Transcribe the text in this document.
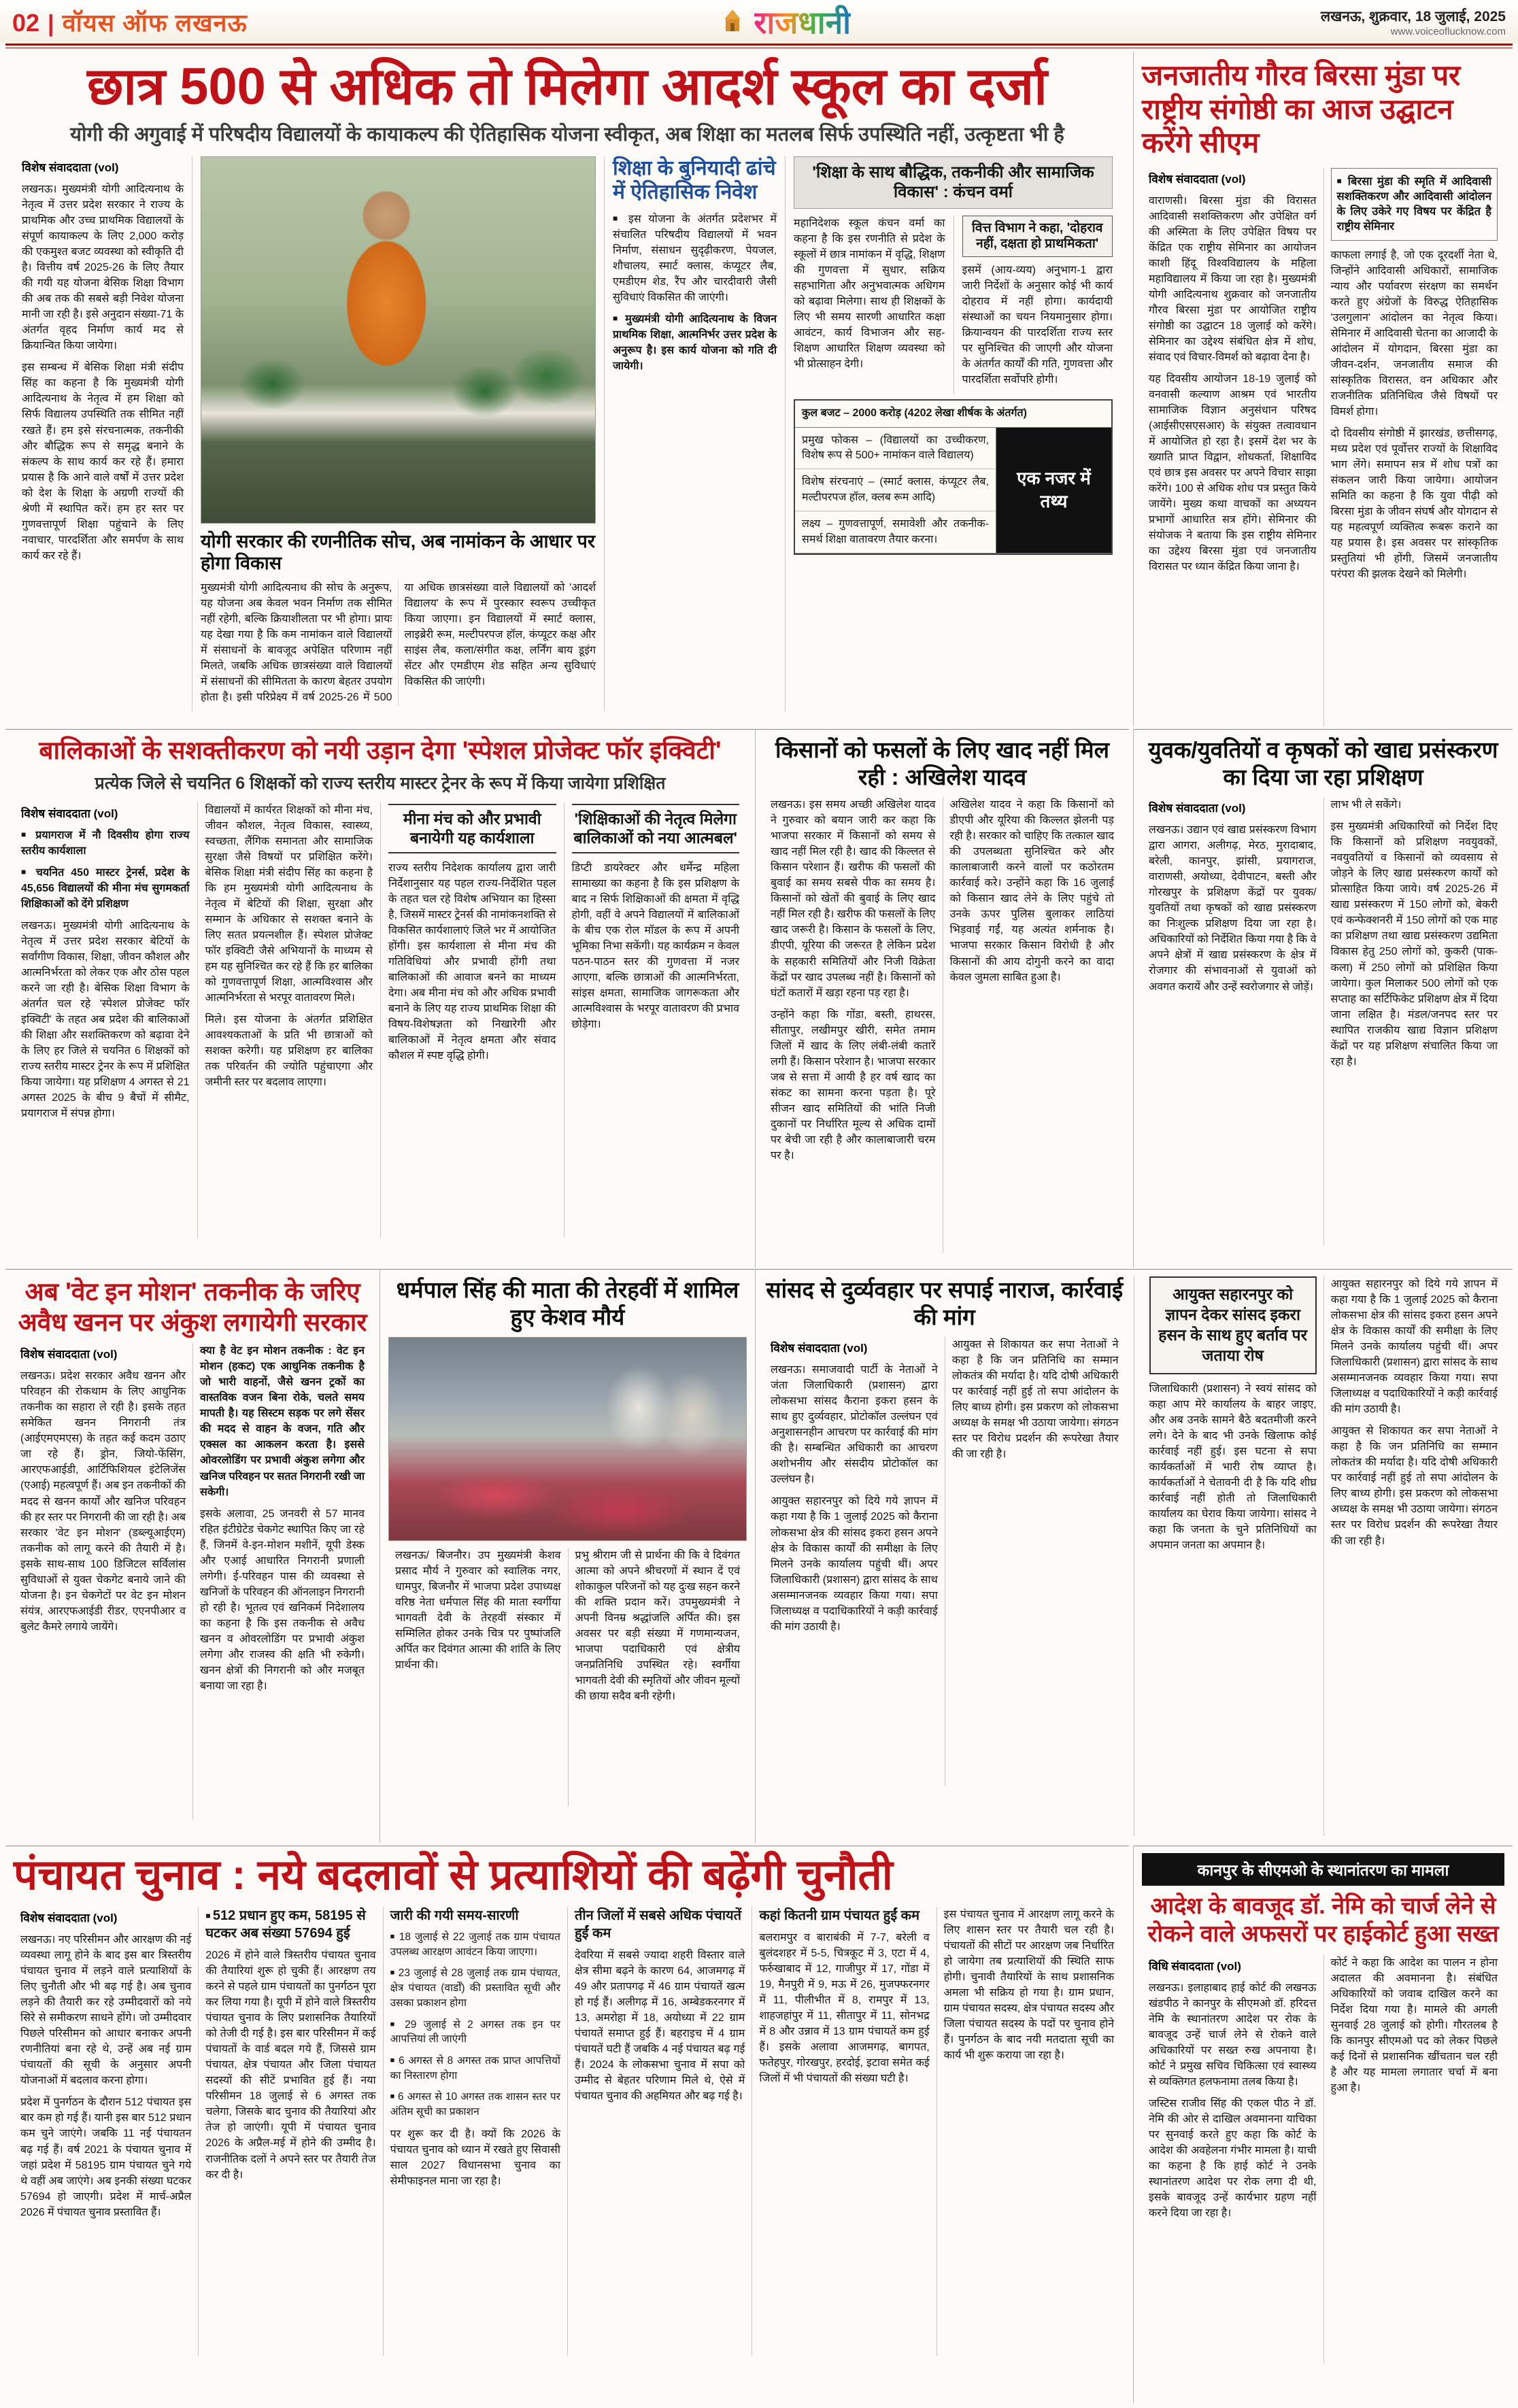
02 | वॉयस ऑफ लखनऊ	राजधानी	लखनऊ, शुक्रवार, 18 जुलाई, 2025
www.voiceoflucknow.com
छात्र 500 से अधिक तो मिलेगा आदर्श स्कूल का दर्जा

योगी की अगुवाई में परिषदीय विद्यालयों के कायाकल्प की ऐतिहासिक योजना स्वीकृत, अब शिक्षा का मतलब सिर्फ उपस्थिति नहीं, उत्कृष्टता भी है

विशेष संवाददाता (vol)

लखनऊ। मुख्यमंत्री योगी आदित्यनाथ के नेतृत्व में उत्तर प्रदेश सरकार ने राज्य के प्राथमिक और उच्च प्राथमिक विद्यालयों के संपूर्ण कायाकल्प के लिए 2,000 करोड़ की एकमुश्त बजट व्यवस्था को स्वीकृति दी है। वित्तीय वर्ष 2025-26 के लिए तैयार की गयी यह योजना बेसिक शिक्षा विभाग की अब तक की सबसे बड़ी निवेश योजना मानी जा रही है। इसे अनुदान संख्या-71 के अंतर्गत वृहद निर्माण कार्य मद से क्रियान्वित किया जायेगा।

इस सम्बन्ध में बेसिक शिक्षा मंत्री संदीप सिंह का कहना है कि मुख्यमंत्री योगी आदित्यनाथ के नेतृत्व में हम शिक्षा को सिर्फ विद्यालय उपस्थिति तक सीमित नहीं रखते हैं। हम इसे संरचनात्मक, तकनीकी और बौद्धिक रूप से समृद्ध बनाने के संकल्प के साथ कार्य कर रहे हैं। हमारा प्रयास है कि आने वाले वर्षों में उत्तर प्रदेश को देश के शिक्षा के अग्रणी राज्यों की श्रेणी में स्थापित करें। हम हर स्तर पर गुणवत्तापूर्ण शिक्षा पहुंचाने के लिए नवाचार, पारदर्शिता और समर्पण के साथ कार्य कर रहे हैं।

योगी सरकार की रणनीतिक सोच, अब नामांकन के आधार पर होगा विकास

मुख्यमंत्री योगी आदित्यनाथ की सोच के अनुरूप, यह योजना अब केवल भवन निर्माण तक सीमित नहीं रहेगी, बल्कि क्रियाशीलता पर भी होगा। प्रायः यह देखा गया है कि कम नामांकन वाले विद्यालयों में संसाधनों के बावजूद अपेक्षित परिणाम नहीं मिलते, जबकि अधिक छात्रसंख्या वाले विद्यालयों में संसाधनों की सीमितता के कारण बेहतर उपयोग होता है। इसी परिप्रेक्ष्य में वर्ष 2025-26 में 500 या अधिक छात्रसंख्या वाले विद्यालयों को 'आदर्श विद्यालय' के रूप में पुरस्कार स्वरूप उच्चीकृत किया जाएगा। इन विद्यालयों में स्मार्ट क्लास, लाइब्रेरी रूम, मल्टीपरपज हॉल, कंप्यूटर कक्ष और साइंस लैब, कला/संगीत कक्ष, लर्निंग बाय डूइंग सेंटर और एमडीएम शेड सहित अन्य सुविधाएं विकसित की जाएंगी।

शिक्षा के बुनियादी ढांचे में ऐतिहासिक निवेश

■ इस योजना के अंतर्गत प्रदेशभर में संचालित परिषदीय विद्यालयों में भवन निर्माण, संसाधन सुदृढ़ीकरण, पेयजल, शौचालय, स्मार्ट क्लास, कंप्यूटर लैब, एमडीएम शेड, रैंप और चारदीवारी जैसी सुविधाएं विकसित की जाएंगी।

■ मुख्यमंत्री योगी आदित्यनाथ के विजन प्राथमिक शिक्षा, आत्मनिर्भर उत्तर प्रदेश के अनुरूप है। इस कार्य योजना को गति दी जायेगी।

'शिक्षा के साथ बौद्धिक, तकनीकी और सामाजिक विकास' : कंचन वर्मा

महानिदेशक स्कूल कंचन वर्मा का कहना है कि इस रणनीति से प्रदेश के स्कूलों में छात्र नामांकन में वृद्धि, शिक्षण की गुणवत्ता में सुधार, सक्रिय सहभागिता और अनुभवात्मक अधिगम को बढ़ावा मिलेगा। साथ ही शिक्षकों के लिए भी समय सारणी आधारित कक्षा आवंटन, कार्य विभाजन और सह-शिक्षण आधारित शिक्षण व्यवस्था को भी प्रोत्साहन देगी।

वित्त विभाग ने कहा, 'दोहराव नहीं, दक्षता हो प्राथमिकता'

इसमें (आय-व्यय) अनुभाग-1 द्वारा जारी निर्देशों के अनुसार कोई भी कार्य दोहराव में नहीं होगा। कार्यदायी संस्थाओं का चयन नियमानुसार होगा। क्रियान्वयन की पारदर्शिता राज्य स्तर पर सुनिश्चित की जाएगी और योजना के अंतर्गत कार्यों की गति, गुणवत्ता और पारदर्शिता सर्वोपरि होगी।

कुल बजट – 2000 करोड़ (4202 लेखा शीर्षक के अंतर्गत)

प्रमुख फोकस – (विद्यालयों का उच्चीकरण, विशेष रूप से 500+ नामांकन वाले विद्यालय)

विशेष संरचनाएं – (स्मार्ट क्लास, कंप्यूटर लैब, मल्टीपरपज हॉल, क्लब रूम आदि)

लक्ष्य – गुणवत्तापूर्ण, समावेशी और तकनीक-समर्थ शिक्षा वातावरण तैयार करना।

एक नजर में तथ्य
जनजातीय गौरव बिरसा मुंडा पर राष्ट्रीय संगोष्ठी का आज उद्घाटन करेंगे सीएम
विशेष संवाददाता (vol)

वाराणसी। बिरसा मुंडा की विरासत आदिवासी सशक्तिकरण और उपेक्षित वर्ग की अस्मिता के लिए उपेक्षित विषय पर केंद्रित एक राष्ट्रीय सेमिनार का आयोजन काशी हिंदू विश्वविद्यालय के महिला महाविद्यालय में किया जा रहा है। मुख्यमंत्री योगी आदित्यनाथ शुक्रवार को जनजातीय गौरव बिरसा मुंडा पर आयोजित राष्ट्रीय संगोष्ठी का उद्घाटन 18 जुलाई को करेंगे। सेमिनार का उद्देश्य संबंधित क्षेत्र में शोध, संवाद एवं विचार-विमर्श को बढ़ावा देना है।

यह दिवसीय आयोजन 18-19 जुलाई को वनवासी कल्याण आश्रम एवं भारतीय सामाजिक विज्ञान अनुसंधान परिषद (आईसीएसएसआर) के संयुक्त तत्वावधान में आयोजित हो रहा है। इसमें देश भर के ख्याति प्राप्त विद्वान, शोधकर्ता, शिक्षाविद एवं छात्र इस अवसर पर अपने विचार साझा करेंगे। 100 से अधिक शोध पत्र प्रस्तुत किये जायेंगे। मुख्य कथा वाचकों का अध्ययन प्रभागों आधारित सत्र होंगे। सेमिनार की संयोजक ने बताया कि इस राष्ट्रीय सेमिनार का उद्देश्य बिरसा मुंडा एवं जनजातीय विरासत पर ध्यान केंद्रित किया जाना है।

■ बिरसा मुंडा की स्मृति में आदिवासी सशक्तिकरण और आदिवासी आंदोलन के लिए उकेरे गए विषय पर केंद्रित है राष्ट्रीय सेमिनार

काफला लगाई है, जो एक दूरदर्शी नेता थे, जिन्होंने आदिवासी अधिकारों, सामाजिक न्याय और पर्यावरण संरक्षण का समर्थन करते हुए अंग्रेजों के विरुद्ध ऐतिहासिक 'उलगुलान' आंदोलन का नेतृत्व किया। सेमिनार में आदिवासी चेतना का आजादी के आंदोलन में योगदान, बिरसा मुंडा का जीवन-दर्शन, जनजातीय समाज की सांस्कृतिक विरासत, वन अधिकार और राजनीतिक प्रतिनिधित्व जैसे विषयों पर विमर्श होगा।

दो दिवसीय संगोष्ठी में झारखंड, छत्तीसगढ़, मध्य प्रदेश एवं पूर्वोत्तर राज्यों के शिक्षाविद भाग लेंगे। समापन सत्र में शोध पत्रों का संकलन जारी किया जायेगा। आयोजन समिति का कहना है कि युवा पीढ़ी को बिरसा मुंडा के जीवन संघर्ष और योगदान से यह महत्वपूर्ण व्यक्तित्व रूबरू कराने का यह प्रयास है। इस अवसर पर सांस्कृतिक प्रस्तुतियां भी होंगी, जिसमें जनजातीय परंपरा की झलक देखने को मिलेगी।

बालिकाओं के सशक्तीकरण को नयी उड़ान देगा 'स्पेशल प्रोजेक्ट फॉर इक्विटी'

प्रत्येक जिले से चयनित 6 शिक्षकों को राज्य स्तरीय मास्टर ट्रेनर के रूप में किया जायेगा प्रशिक्षित

विशेष संवाददाता (vol)

■ प्रयागराज में नौ दिवसीय होगा राज्य स्तरीय कार्यशाला

■ चयनित 450 मास्टर ट्रेनर्स, प्रदेश के 45,656 विद्यालयों की मीना मंच सुगमकर्ता शिक्षिकाओं को देंगे प्रशिक्षण

लखनऊ। मुख्यमंत्री योगी आदित्यनाथ के नेतृत्व में उत्तर प्रदेश सरकार बेटियों के सर्वांगीण विकास, शिक्षा, जीवन कौशल और आत्मनिर्भरता को लेकर एक और ठोस पहल करने जा रही है। बेसिक शिक्षा विभाग के अंतर्गत चल रहे 'स्पेशल प्रोजेक्ट फॉर इक्विटी' के तहत अब प्रदेश की बालिकाओं की शिक्षा और सशक्तिकरण को बढ़ावा देने के लिए हर जिले से चयनित 6 शिक्षकों को राज्य स्तरीय मास्टर ट्रेनर के रूप में प्रशिक्षित किया जायेगा। यह प्रशिक्षण 4 अगस्त से 21 अगस्त 2025 के बीच 9 बैचों में सीमैट, प्रयागराज में संपन्न होगा।

विद्यालयों में कार्यरत शिक्षकों को मीना मंच, जीवन कौशल, नेतृत्व विकास, स्वास्थ्य, स्वच्छता, लैंगिक समानता और सामाजिक सुरक्षा जैसे विषयों पर प्रशिक्षित करेंगे। बेसिक शिक्षा मंत्री संदीप सिंह का कहना है कि हम मुख्यमंत्री योगी आदित्यनाथ के नेतृत्व में बेटियों की शिक्षा, सुरक्षा और सम्मान के अधिकार से सशक्त बनाने के लिए सतत प्रयत्नशील हैं। स्पेशल प्रोजेक्ट फॉर इक्विटी जैसे अभियानों के माध्यम से हम यह सुनिश्चित कर रहे हैं कि हर बालिका को गुणवत्तापूर्ण शिक्षा, आत्मविश्वास और आत्मनिर्भरता से भरपूर वातावरण मिले।

मिले। इस योजना के अंतर्गत प्रशिक्षित आवश्यकताओं के प्रति भी छात्राओं को सशक्त करेगी। यह प्रशिक्षण हर बालिका तक परिवर्तन की ज्योति पहुंचाएगा और जमीनी स्तर पर बदलाव लाएगा।

मीना मंच को और प्रभावी बनायेगी यह कार्यशाला

राज्य स्तरीय निदेशक कार्यालय द्वारा जारी निर्देशानुसार यह पहल राज्य-निर्देशित पहल के तहत चल रहे विशेष अभियान का हिस्सा है, जिसमें मास्टर ट्रेनर्स की नामांकनशक्ति से विकसित कार्यशालाएं जिले भर में आयोजित होंगी। इस कार्यशाला से मीना मंच की गतिविधियां और प्रभावी होंगी तथा बालिकाओं की आवाज बनने का माध्यम देगा। अब मीना मंच को और अधिक प्रभावी बनाने के लिए यह राज्य प्राथमिक शिक्षा की विषय-विशेषज्ञता को निखारेगी और बालिकाओं में नेतृत्व क्षमता और संवाद कौशल में स्पष्ट वृद्धि होगी।

'शिक्षिकाओं की नेतृत्व मिलेगा बालिकाओं को नया आत्मबल'

डिप्टी डायरेक्टर और धर्मेन्द्र महिला सामाख्या का कहना है कि इस प्रशिक्षण के बाद न सिर्फ शिक्षिकाओं की क्षमता में वृद्धि होगी, वहीं वे अपने विद्यालयों में बालिकाओं के बीच एक रोल मॉडल के रूप में अपनी भूमिका निभा सकेंगी। यह कार्यक्रम न केवल पठन-पाठन स्तर की गुणवत्ता में नजर आएगा, बल्कि छात्राओं की आत्मनिर्भरता, सांइस क्षमता, सामाजिक जागरूकता और आत्मविश्वास के भरपूर वातावरण की प्रभाव छोड़ेगा।

किसानों को फसलों के लिए खाद नहीं मिल रही : अखिलेश यादव

लखनऊ। इस समय अच्छी अखिलेश यादव ने गुरुवार को बयान जारी कर कहा कि भाजपा सरकार में किसानों को समय से खाद नहीं मिल रही है। खाद की किल्लत से किसान परेशान हैं। खरीफ की फसलों की बुवाई का समय सबसे पीक का समय है। किसानों को खेतों की बुवाई के लिए खाद नहीं मिल रही है। खरीफ की फसलों के लिए खाद जरूरी है। किसान के फसलों के लिए, डीएपी, यूरिया की जरूरत है लेकिन प्रदेश के सहकारी समितियों और निजी विक्रेता केंद्रों पर खाद उपलब्ध नहीं है। किसानों को घंटों कतारों में खड़ा रहना पड़ रहा है।

उन्होंने कहा कि गोंडा, बस्ती, हाथरस, सीतापुर, लखीमपुर खीरी, समेत तमाम जिलों में खाद के लिए लंबी-लंबी कतारें लगी हैं। किसान परेशान है। भाजपा सरकार जब से सत्ता में आयी है हर वर्ष खाद का संकट का सामना करना पड़ता है। पूरे सीजन खाद समितियों की भांति निजी दुकानों पर निर्धारित मूल्य से अधिक दामों पर बेची जा रही है और कालाबाजारी चरम पर है।

अखिलेश यादव ने कहा कि किसानों को डीएपी और यूरिया की किल्लत झेलनी पड़ रही है। सरकार को चाहिए कि तत्काल खाद की उपलब्धता सुनिश्चित करे और कालाबाजारी करने वालों पर कठोरतम कार्रवाई करे। उन्होंने कहा कि 16 जुलाई को किसान खाद लेने के लिए पहुंचे तो उनके ऊपर पुलिस बुलाकर लाठियां भिड़वाई गईं, यह अत्यंत शर्मनाक है। भाजपा सरकार किसान विरोधी है और किसानों की आय दोगुनी करने का वादा केवल जुमला साबित हुआ है।

युवक/युवतियों व कृषकों को खाद्य प्रसंस्करण का दिया जा रहा प्रशिक्षण
विशेष संवाददाता (vol)

लखनऊ। उद्यान एवं खाद्य प्रसंस्करण विभाग द्वारा आगरा, अलीगढ़, मेरठ, मुरादाबाद, बरेली, कानपुर, झांसी, प्रयागराज, वाराणसी, अयोध्या, देवीपाटन, बस्ती और गोरखपुर के प्रशिक्षण केंद्रों पर युवक/युवतियों तथा कृषकों को खाद्य प्रसंस्करण का निःशुल्क प्रशिक्षण दिया जा रहा है। अधिकारियों को निर्देशित किया गया है कि वे अपने क्षेत्रों में खाद्य प्रसंस्करण के क्षेत्र में रोजगार की संभावनाओं से युवाओं को अवगत करायें और उन्हें स्वरोजगार से जोड़ें।

लाभ भी ले सकेंगे।

इस मुख्यमंत्री अधिकारियों को निर्देश दिए कि किसानों को प्रशिक्षण नवयुवकों, नवयुवतियों व किसानों को व्यवसाय से जोड़ने के लिए खाद्य प्रसंस्करण कार्यों को प्रोत्साहित किया जाये। वर्ष 2025-26 में खाद्य प्रसंस्करण में 150 लोगों को, बेकरी एवं कन्फेक्शनरी में 150 लोगों को एक माह का प्रशिक्षण तथा खाद्य प्रसंस्करण उद्यमिता विकास हेतु 250 लोगों को, कुकरी (पाक-कला) में 250 लोगों को प्रशिक्षित किया जायेगा। कुल मिलाकर 500 लोगों को एक सप्ताह का सर्टिफिकेट प्रशिक्षण क्षेत्र में दिया जाना लक्षित है। मंडल/जनपद स्तर पर स्थापित राजकीय खाद्य विज्ञान प्रशिक्षण केंद्रों पर यह प्रशिक्षण संचालित किया जा रहा है।

अब 'वेट इन मोशन' तकनीक के जरिए अवैध खनन पर अंकुश लगायेगी सरकार
विशेष संवाददाता (vol)

लखनऊ। प्रदेश सरकार अवैध खनन और परिवहन की रोकथाम के लिए आधुनिक तकनीक का सहारा ले रही है। इसके तहत समेकित खनन निगरानी तंत्र (आईएमएमएस) के तहत कई कदम उठाए जा रहे हैं। ड्रोन, जियो-फेंसिंग, आरएफआईडी, आर्टिफिशियल इंटेलिजेंस (एआई) महत्वपूर्ण हैं। अब इन तकनीकों की मदद से खनन कार्यों और खनिज परिवहन की हर स्तर पर निगरानी की जा रही है। अब सरकार 'वेट इन मोशन' (डब्ल्यूआईएम) तकनीक को लागू करने की तैयारी में है। इसके साथ-साथ 100 डिजिटल सर्विलांस सुविधाओं से युक्त चेकगेट बनाये जाने की योजना है। इन चेकगेटों पर वेट इन मोशन संयंत्र, आरएफआईडी रीडर, एएनपीआर व बुलेट कैमरे लगाये जायेंगे।

क्या है वेट इन मोशन तकनीक : वेट इन मोशन (हकट) एक आधुनिक तकनीक है जो भारी वाहनों, जैसे खनन ट्रकों का वास्तविक वजन बिना रोके, चलते समय मापती है। यह सिस्टम सड़क पर लगे सेंसर की मदद से वाहन के वजन, गति और एक्सल का आकलन करता है। इससे ओवरलोडिंग पर प्रभावी अंकुश लगेगा और खनिज परिवहन पर सतत निगरानी रखी जा सकेगी।

इसके अलावा, 25 जनवरी से 57 मानव रहित इंटीग्रेटेड चेकगेट स्थापित किए जा रहे हैं, जिनमें वे-इन-मोशन मशीनें, यूपी डेस्क और एआई आधारित निगरानी प्रणाली लगेगी। ई-परिवहन पास की व्यवस्था से खनिजों के परिवहन की ऑनलाइन निगरानी हो रही है। भूतत्व एवं खनिकर्म निदेशालय का कहना है कि इस तकनीक से अवैध खनन व ओवरलोडिंग पर प्रभावी अंकुश लगेगा और राजस्व की क्षति भी रुकेगी। खनन क्षेत्रों की निगरानी को और मजबूत बनाया जा रहा है।

धर्मपाल सिंह की माता की तेरहवीं में शामिल हुए केशव मौर्य

लखनऊ/ बिजनौर। उप मुख्यमंत्री केशव प्रसाद मौर्य ने गुरुवार को स्वालिक नगर, धामपुर, बिजनौर में भाजपा प्रदेश उपाध्यक्ष वरिष्ठ नेता धर्मपाल सिंह की माता स्वर्गीया भागवती देवी के तेरहवीं संस्कार में सम्मिलित होकर उनके चित्र पर पुष्पांजलि अर्पित कर दिवंगत आत्मा की शांति के लिए प्रार्थना की।

प्रभु श्रीराम जी से प्रार्थना की कि वे दिवंगत आत्मा को अपने श्रीचरणों में स्थान दें एवं शोकाकुल परिजनों को यह दुःख सहन करने की शक्ति प्रदान करें। उपमुख्यमंत्री ने अपनी विनम्र श्रद्धांजलि अर्पित की। इस अवसर पर बड़ी संख्या में गणमान्यजन, भाजपा पदाधिकारी एवं क्षेत्रीय जनप्रतिनिधि उपस्थित रहे। स्वर्गीया भागवती देवी की स्मृतियों और जीवन मूल्यों की छाया सदैव बनी रहेगी।

सांसद से दुर्व्यवहार पर सपाई नाराज, कार्रवाई की मांग
विशेष संवाददाता (vol)

लखनऊ। समाजवादी पार्टी के नेताओं ने जंता जिलाधिकारी (प्रशासन) द्वारा लोकसभा सांसद कैराना इकरा हसन के साथ हुए दुर्व्यवहार, प्रोटोकॉल उल्लंघन एवं अनुशासनहीन आचरण पर कार्रवाई की मांग की है। सम्बन्धित अधिकारी का आचरण अशोभनीय और संसदीय प्रोटोकॉल का उल्लंघन है।

आयुक्त सहारनपुर को दिये गये ज्ञापन में कहा गया है कि 1 जुलाई 2025 को कैराना लोकसभा क्षेत्र की सांसद इकरा हसन अपने क्षेत्र के विकास कार्यों की समीक्षा के लिए मिलने उनके कार्यालय पहुंची थीं। अपर जिलाधिकारी (प्रशासन) द्वारा सांसद के साथ असम्मानजनक व्यवहार किया गया। सपा जिलाध्यक्ष व पदाधिकारियों ने कड़ी कार्रवाई की मांग उठायी है।

आयुक्त से शिकायत कर सपा नेताओं ने कहा है कि जन प्रतिनिधि का सम्मान लोकतंत्र की मर्यादा है। यदि दोषी अधिकारी पर कार्रवाई नहीं हुई तो सपा आंदोलन के लिए बाध्य होगी। इस प्रकरण को लोकसभा अध्यक्ष के समक्ष भी उठाया जायेगा। संगठन स्तर पर विरोध प्रदर्शन की रूपरेखा तैयार की जा रही है।

आयुक्त सहारनपुर को ज्ञापन देकर सांसद इकरा हसन के साथ हुए बर्ताव पर जताया रोष

जिलाधिकारी (प्रशासन) ने स्वयं सांसद को कहा आप मेरे कार्यालय के बाहर जाइए, और अब उनके सामने बैठे बदतमीजी करने लगे। देने के बाद भी उनके खिलाफ कोई कार्रवाई नहीं हुई। इस घटना से सपा कार्यकर्ताओं में भारी रोष व्याप्त है। कार्यकर्ताओं ने चेतावनी दी है कि यदि शीघ्र कार्रवाई नहीं होती तो जिलाधिकारी कार्यालय का घेराव किया जायेगा। सांसद ने कहा कि जनता के चुने प्रतिनिधियों का अपमान जनता का अपमान है।

आयुक्त सहारनपुर को दिये गये ज्ञापन में कहा गया है कि 1 जुलाई 2025 को कैराना लोकसभा क्षेत्र की सांसद इकरा हसन अपने क्षेत्र के विकास कार्यों की समीक्षा के लिए मिलने उनके कार्यालय पहुंची थीं। अपर जिलाधिकारी (प्रशासन) द्वारा सांसद के साथ असम्मानजनक व्यवहार किया गया। सपा जिलाध्यक्ष व पदाधिकारियों ने कड़ी कार्रवाई की मांग उठायी है।

आयुक्त से शिकायत कर सपा नेताओं ने कहा है कि जन प्रतिनिधि का सम्मान लोकतंत्र की मर्यादा है। यदि दोषी अधिकारी पर कार्रवाई नहीं हुई तो सपा आंदोलन के लिए बाध्य होगी। इस प्रकरण को लोकसभा अध्यक्ष के समक्ष भी उठाया जायेगा। संगठन स्तर पर विरोध प्रदर्शन की रूपरेखा तैयार की जा रही है।

पंचायत चुनाव : नये बदलावों से प्रत्याशियों की बढ़ेंगी चुनौती
विशेष संवाददाता (vol)

लखनऊ। नए परिसीमन और आरक्षण की नई व्यवस्था लागू होने के बाद इस बार त्रिस्तरीय पंचायत चुनाव में लड़ने वाले प्रत्याशियों के लिए चुनौती और भी बढ़ गई है। अब चुनाव लड़ने की तैयारी कर रहे उम्मीदवारों को नये सिरे से समीकरण साधने होंगे। जो उम्मीदवार पिछले परिसीमन को आधार बनाकर अपनी रणनीतियां बना रहे थे, उन्हें अब नई ग्राम पंचायतों की सूची के अनुसार अपनी योजनाओं में बदलाव करना होगा।

प्रदेश में पुनर्गठन के दौरान 512 पंचायत इस बार कम हो गई हैं। यानी इस बार 512 प्रधान कम चुने जाएंगे। जबकि 11 नई पंचायतन बढ़ गई हैं। वर्ष 2021 के पंचायत चुनाव में जहां प्रदेश में 58195 ग्राम पंचायत चुने गये थे वहीं अब जाएंगे। अब इनकी संख्या घटकर 57694 हो जाएगी। प्रदेश में मार्च-अप्रैल 2026 में पंचायत चुनाव प्रस्तावित हैं।

■ 512 प्रधान हुए कम, 58195 से घटकर अब संख्या 57694 हुई

2026 में होने वाले त्रिस्तरीय पंचायत चुनाव की तैयारियां शुरू हो चुकी हैं। आरक्षण तय करने से पहले ग्राम पंचायतों का पुनर्गठन पूरा कर लिया गया है। यूपी में होने वाले त्रिस्तरीय पंचायत चुनाव के लिए प्रशासनिक तैयारियों को तेजी दी गई है। इस बार परिसीमन में कई पंचायतों के वार्ड बदल गये हैं, जिससे ग्राम पंचायत, क्षेत्र पंचायत और जिला पंचायत सदस्यों की सीटें प्रभावित हुई हैं। नया परिसीमन 18 जुलाई से 6 अगस्त तक चलेगा, जिसके बाद चुनाव की तैयारियां और तेज हो जाएंगी। यूपी में पंचायत चुनाव 2026 के अप्रैल-मई में होने की उम्मीद है। राजनीतिक दलों ने अपने स्तर पर तैयारी तेज कर दी है।

जारी की गयी समय-सारणी

■ 18 जुलाई से 22 जुलाई तक ग्राम पंचायत उपलब्ध आरक्षण आवंटन किया जाएगा।

■ 23 जुलाई से 28 जुलाई तक ग्राम पंचायत, क्षेत्र पंचायत (वार्डों) की प्रस्तावित सूची और उसका प्रकाशन होगा

■ 29 जुलाई से 2 अगस्त तक इन पर आपत्तियां ली जाएंगी

■ 6 अगस्त से 8 अगस्त तक प्राप्त आपत्तियों का निस्तारण होगा

■ 6 अगस्त से 10 अगस्त तक शासन स्तर पर अंतिम सूची का प्रकाशन

पर शुरू कर दी है। क्यों कि 2026 के पंचायत चुनाव को ध्यान में रखते हुए सिवासी साल 2027 विधानसभा चुनाव का सेमीफाइनल माना जा रहा है।

तीन जिलों में सबसे अधिक पंचायतें हुईं कम

देवरिया में सबसे ज्यादा शहरी विस्तार वाले क्षेत्र सीमा बढ़ने के कारण 64, आजमगढ़ में 49 और प्रतापगढ़ में 46 ग्राम पंचायतें खत्म हो गई हैं। अलीगढ़ में 16, अम्बेडकरनगर में 13, अमरोहा में 18, अयोध्या में 22 ग्राम पंचायतें समाप्त हुई हैं। बहराइच में 4 ग्राम पंचायतें घटी हैं जबकि 4 नई पंचायत बढ़ गई हैं। 2024 के लोकसभा चुनाव में सपा को उम्मीद से बेहतर परिणाम मिले थे, ऐसे में पंचायत चुनाव की अहमियत और बढ़ गई है।

कहां कितनी ग्राम पंचायत हुईं कम

बलरामपुर व बाराबंकी में 7-7, बरेली व बुलंदशहर में 5-5, चित्रकूट में 3, एटा में 4, फर्रुखाबाद में 12, गाजीपुर में 17, गोंडा में 19, मैनपुरी में 9, मऊ में 26, मुजफ्फरनगर में 11, पीलीभीत में 8, रामपुर में 13, शाहजहांपुर में 11, सीतापुर में 11, सोनभद्र में 8 और उन्नाव में 13 ग्राम पंचायतें कम हुई हैं। इसके अलावा आजमगढ़, बागपत, फतेहपुर, गोरखपुर, हरदोई, इटावा समेत कई जिलों में भी पंचायतों की संख्या घटी है।

इस पंचायत चुनाव में आरक्षण लागू करने के लिए शासन स्तर पर तैयारी चल रही है। पंचायतों की सीटों पर आरक्षण जब निर्धारित हो जायेगा तब प्रत्याशियों की स्थिति साफ होगी। चुनावी तैयारियों के साथ प्रशासनिक अमला भी सक्रिय हो गया है। ग्राम प्रधान, ग्राम पंचायत सदस्य, क्षेत्र पंचायत सदस्य और जिला पंचायत सदस्य के पदों पर चुनाव होने हैं। पुनर्गठन के बाद नयी मतदाता सूची का कार्य भी शुरू कराया जा रहा है।

कानपुर के सीएमओ के स्थानांतरण का मामला
आदेश के बावजूद डॉ. नेमि को चार्ज लेने से रोकने वाले अफसरों पर हाईकोर्ट हुआ सख्त
विधि संवाददाता (vol)

लखनऊ। इलाहाबाद हाई कोर्ट की लखनऊ खंडपीठ ने कानपुर के सीएमओ डॉ. हरिदत्त नेमि के स्थानांतरण आदेश पर रोक के बावजूद उन्हें चार्ज लेने से रोकने वाले अधिकारियों पर सख्त रुख अपनाया है। कोर्ट ने प्रमुख सचिव चिकित्सा एवं स्वास्थ्य से व्यक्तिगत हलफनामा तलब किया है।

जस्टिस राजीव सिंह की एकल पीठ ने डॉ. नेमि की ओर से दाखिल अवमानना याचिका पर सुनवाई करते हुए कहा कि कोर्ट के आदेश की अवहेलना गंभीर मामला है। याची का कहना है कि हाई कोर्ट ने उनके स्थानांतरण आदेश पर रोक लगा दी थी, इसके बावजूद उन्हें कार्यभार ग्रहण नहीं करने दिया जा रहा है।

कोर्ट ने कहा कि आदेश का पालन न होना अदालत की अवमानना है। संबंधित अधिकारियों को जवाब दाखिल करने का निर्देश दिया गया है। मामले की अगली सुनवाई 28 जुलाई को होगी। गौरतलब है कि कानपुर सीएमओ पद को लेकर पिछले कई दिनों से प्रशासनिक खींचतान चल रही है और यह मामला लगातार चर्चा में बना हुआ है।
